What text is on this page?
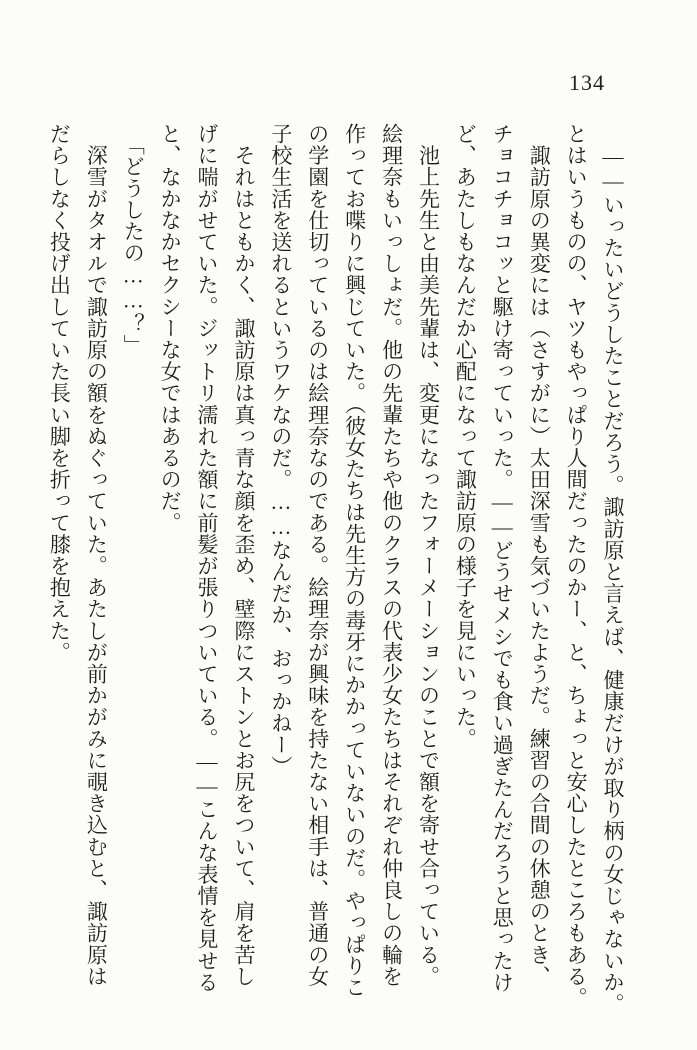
134
　――いったいどうしたことだろう。諏訪原と言えば、健康だけが取り柄の女じゃないか。
とはいうものの、ヤツもやっぱり人間だったのかー、と、ちょっと安心したところもある。
　諏訪原の異変には（さすがに）太田深雪も気づいたようだ。練習の合間の休憩のとき、
チョコチョコッと駆け寄っていった。――どうせメシでも食い過ぎたんだろうと思ったけ
ど、あたしもなんだか心配になって諏訪原の様子を見にいった。
　池上先生と由美先輩は、変更になったフォーメーションのことで額を寄せ合っている。
絵理奈もいっしょだ。他の先輩たちや他のクラスの代表少女たちはそれぞれ仲良しの輪を
作ってお喋りに興じていた。（彼女たちは先生方の毒牙にかかっていないのだ。やっぱりこ
の学園を仕切っているのは絵理奈なのである。絵理奈が興味を持たない相手は、普通の女
子校生活を送れるというワケなのだ。……なんだか、おっかねー）
　それはともかく、諏訪原は真っ青な顔を歪め、壁際にストンとお尻をついて、肩を苦し
げに喘がせていた。ジットリ濡れた額に前髪が張りついている。――こんな表情を見せる
と、なかなかセクシーな女ではあるのだ。
　「どうしたの……？」
　深雪がタオルで諏訪原の額をぬぐっていた。あたしが前かがみに覗き込むと、諏訪原は
だらしなく投げ出していた長い脚を折って膝を抱えた。
